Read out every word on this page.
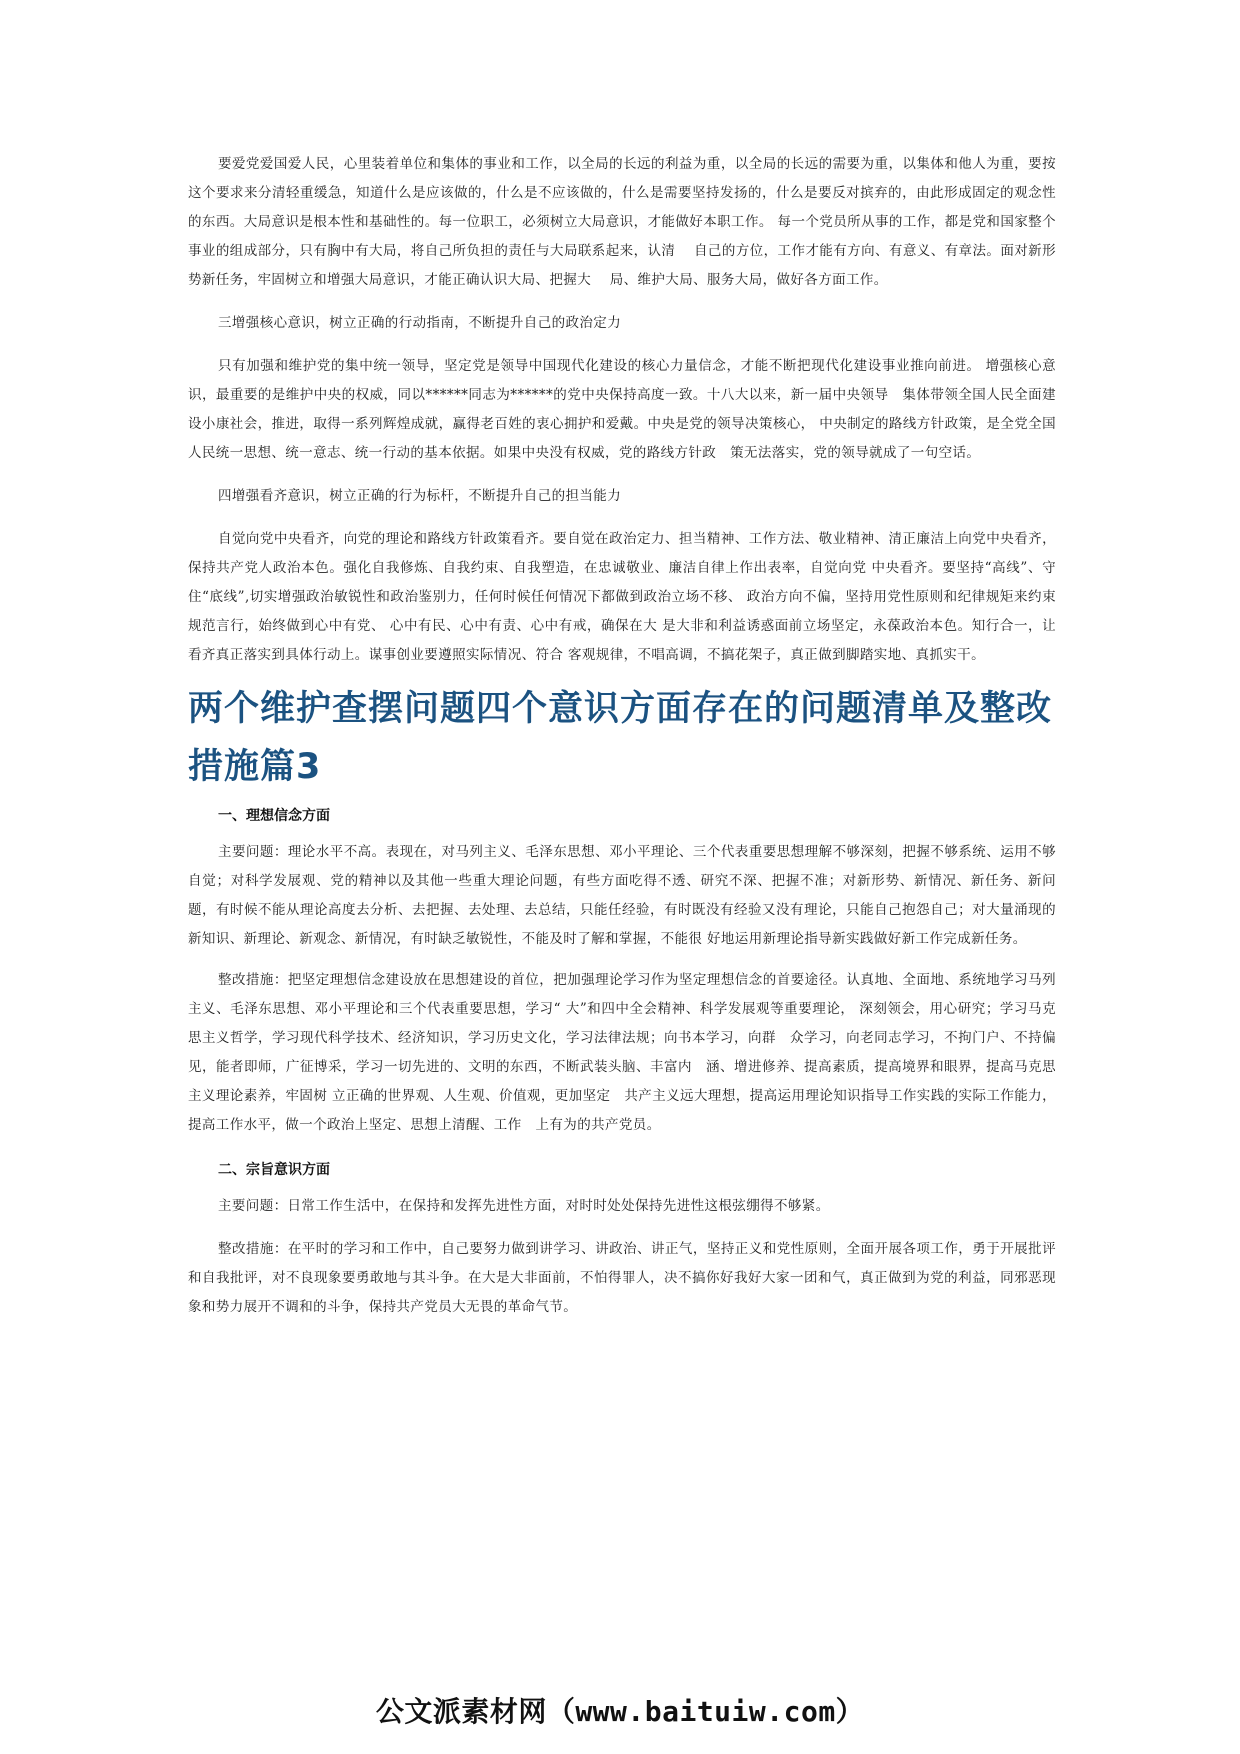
要爱党爱国爱人民，心里装着单位和集体的事业和工作，以全局的长远的利益为重，以全局的长远的需要为重，以集体和他人为重，要按这个要求来分清轻重缓急，知道什么是应该做的，什么是不应该做的，什么是需要坚持发扬的，什么是要反对摈弃的，由此形成固定的观念性的东西。大局意识是根本性和基础性的。每一位职工，必须树立大局意识，才能做好本职工作。 每一个党员所从事的工作，都是党和国家整个事业的组成部分，只有胸中有大局，将自己所负担的责任与大局联系起来，认清　 自己的方位，工作才能有方向、有意义、有章法。面对新形势新任务，牢固树立和增强大局意识，才能正确认识大局、把握大　 局、维护大局、服务大局，做好各方面工作。

三增强核心意识，树立正确的行动指南，不断提升自己的政治定力

只有加强和维护党的集中统一领导，坚定党是领导中国现代化建设的核心力量信念，才能不断把现代化建设事业推向前进。 增强核心意识，最重要的是维护中央的权威，同以******同志为******的党中央保持高度一致。十八大以来，新一届中央领导　集体带领全国人民全面建设小康社会，推进，取得一系列辉煌成就，赢得老百姓的衷心拥护和爱戴。中央是党的领导决策核心， 中央制定的路线方针政策，是全党全国人民统一思想、统一意志、统一行动的基本依据。如果中央没有权威，党的路线方针政　策无法落实，党的领导就成了一句空话。

四增强看齐意识，树立正确的行为标杆，不断提升自己的担当能力

自觉向党中央看齐，向党的理论和路线方针政策看齐。要自觉在政治定力、担当精神、工作方法、敬业精神、清正廉洁上向党中央看齐，保持共产党人政治本色。强化自我修炼、自我约束、自我塑造，在忠诚敬业、廉洁自律上作出表率，自觉向党 中央看齐。要坚持“高线”、守住“底线”,切实增强政治敏锐性和政治鉴别力，任何时候任何情况下都做到政治立场不移、 政治方向不偏，坚持用党性原则和纪律规矩来约束规范言行，始终做到心中有党、 心中有民、心中有责、心中有戒，确保在大 是大非和利益诱惑面前立场坚定，永葆政治本色。知行合一，让看齐真正落实到具体行动上。谋事创业要遵照实际情况、符合 客观规律，不唱高调，不搞花架子，真正做到脚踏实地、真抓实干。

两个维护查摆问题四个意识方面存在的问题清单及整改措施篇3
一、理想信念方面

主要问题：理论水平不高。表现在，对马列主义、毛泽东思想、邓小平理论、三个代表重要思想理解不够深刻，把握不够系统、运用不够自觉；对科学发展观、党的精神以及其他一些重大理论问题，有些方面吃得不透、研究不深、把握不准；对新形势、新情况、新任务、新问题，有时候不能从理论高度去分析、去把握、去处理、去总结，只能任经验，有时既没有经验又没有理论，只能自己抱怨自己；对大量涌现的新知识、新理论、新观念、新情况，有时缺乏敏锐性，不能及时了解和掌握，不能很 好地运用新理论指导新实践做好新工作完成新任务。

整改措施：把坚定理想信念建设放在思想建设的首位，把加强理论学习作为坚定理想信念的首要途径。认真地、全面地、系统地学习马列主义、毛泽东思想、邓小平理论和三个代表重要思想，学习“ 大”和四中全会精神、科学发展观等重要理论， 深刻领会，用心研究；学习马克思主义哲学，学习现代科学技术、经济知识，学习历史文化，学习法律法规；向书本学习，向群　众学习，向老同志学习，不拘门户、不持偏见，能者即师，广征博采，学习一切先进的、文明的东西，不断武装头脑、丰富内　涵、增进修养、提高素质，提高境界和眼界，提高马克思主义理论素养，牢固树 立正确的世界观、人生观、价值观，更加坚定　共产主义远大理想，提高运用理论知识指导工作实践的实际工作能力，提高工作水平，做一个政治上坚定、思想上清醒、工作　上有为的共产党员。

二、宗旨意识方面

主要问题：日常工作生活中，在保持和发挥先进性方面，对时时处处保持先进性这根弦绷得不够紧。

整改措施：在平时的学习和工作中，自己要努力做到讲学习、讲政治、讲正气，坚持正义和党性原则，全面开展各项工作，勇于开展批评和自我批评，对不良现象要勇敢地与其斗争。在大是大非面前，不怕得罪人，决不搞你好我好大家一团和气，真正做到为党的利益，同邪恶现象和势力展开不调和的斗争，保持共产党员大无畏的革命气节。

公文派素材网（www.baituiw.com）
